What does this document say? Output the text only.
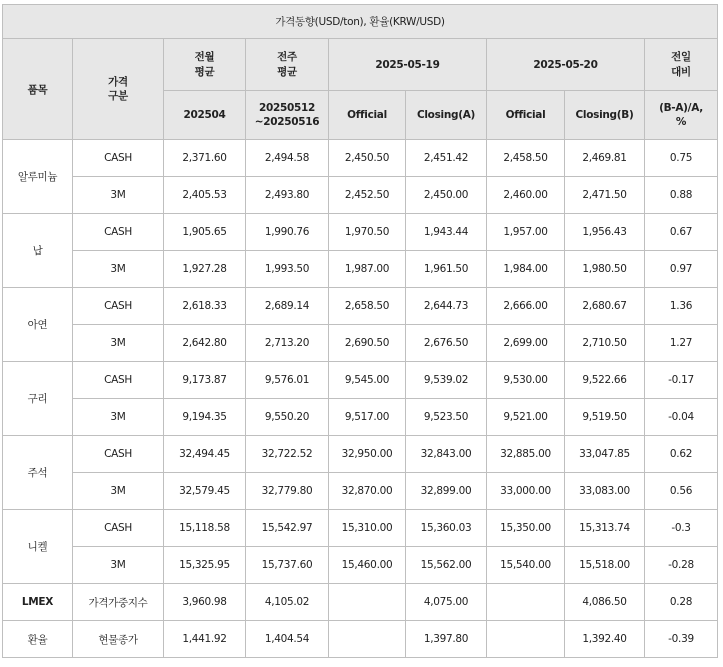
가격동향(USD/ton), 환율(KRW/USD)								
품목	가격 구분	전월 평균	전주 평균	2025-05-19		2025-05-20		전일 대비
		202504	20250512 ~20250516	Official	Closing(A)	Official	Closing(B)	(B-A)/A, %
알루미늄	CASH	2,371.60	2,494.58	2,450.50	2,451.42	2,458.50	2,469.81	0.75
	3M	2,405.53	2,493.80	2,452.50	2,450.00	2,460.00	2,471.50	0.88
납	CASH	1,905.65	1,990.76	1,970.50	1,943.44	1,957.00	1,956.43	0.67
	3M	1,927.28	1,993.50	1,987.00	1,961.50	1,984.00	1,980.50	0.97
아연	CASH	2,618.33	2,689.14	2,658.50	2,644.73	2,666.00	2,680.67	1.36
	3M	2,642.80	2,713.20	2,690.50	2,676.50	2,699.00	2,710.50	1.27
구리	CASH	9,173.87	9,576.01	9,545.00	9,539.02	9,530.00	9,522.66	-0.17
	3M	9,194.35	9,550.20	9,517.00	9,523.50	9,521.00	9,519.50	-0.04
주석	CASH	32,494.45	32,722.52	32,950.00	32,843.00	32,885.00	33,047.85	0.62
	3M	32,579.45	32,779.80	32,870.00	32,899.00	33,000.00	33,083.00	0.56
니켈	CASH	15,118.58	15,542.97	15,310.00	15,360.03	15,350.00	15,313.74	-0.3
	3M	15,325.95	15,737.60	15,460.00	15,562.00	15,540.00	15,518.00	-0.28
LMEX	가격가중지수	3,960.98	4,105.02		4,075.00		4,086.50	0.28
환율	현물종가	1,441.92	1,404.54		1,397.80		1,392.40	-0.39
